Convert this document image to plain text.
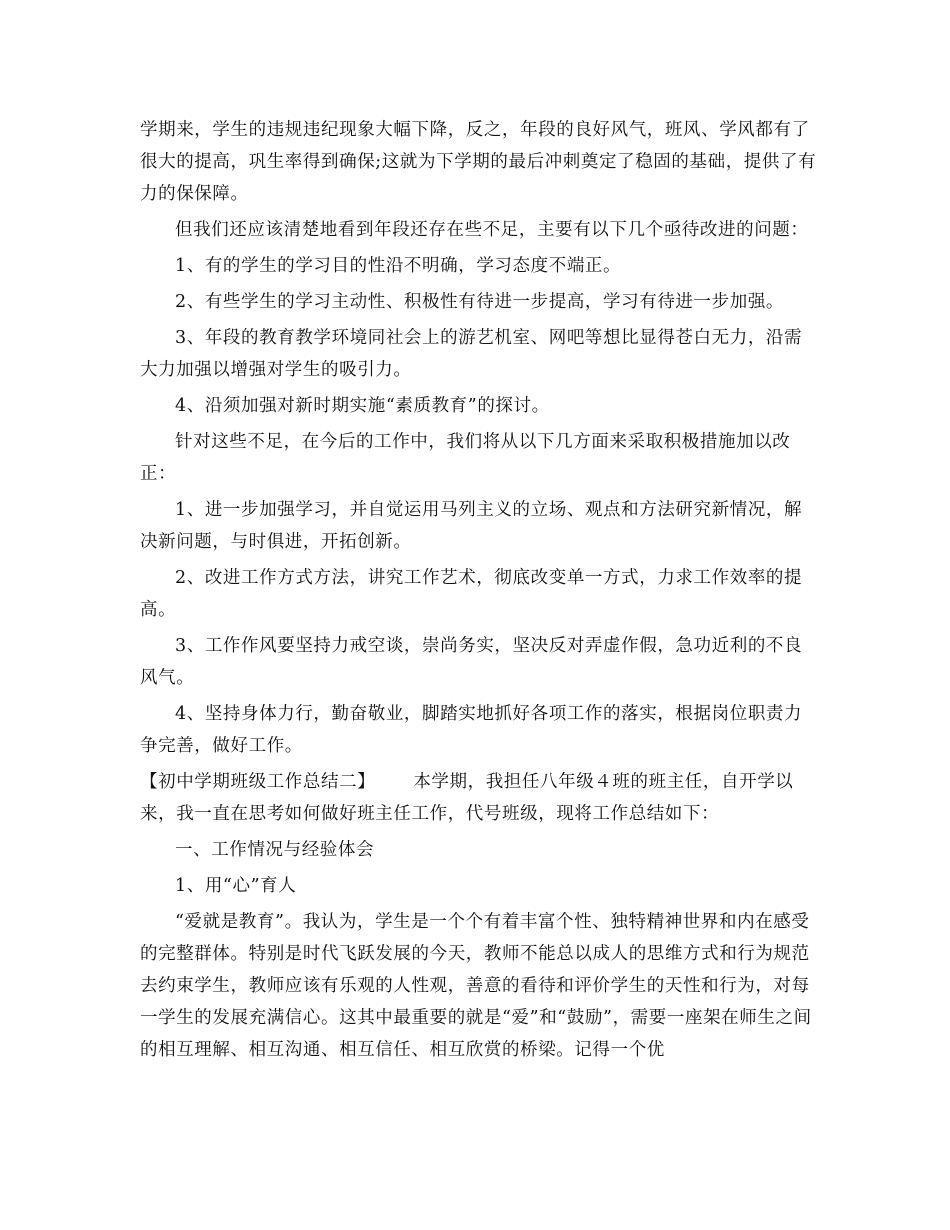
学期来，学生的违规违纪现象大幅下降，反之，年段的良好风气，班风、学风都有了很大的提高，巩生率得到确保;这就为下学期的最后冲刺奠定了稳固的基础，提供了有力的保保障。

但我们还应该清楚地看到年段还存在些不足，主要有以下几个亟待改进的问题：

1、有的学生的学习目的性沿不明确，学习态度不端正。

2、有些学生的学习主动性、积极性有待进一步提高，学习有待进一步加强。

3、年段的教育教学环境同社会上的游艺机室、网吧等想比显得苍白无力，沿需大力加强以增强对学生的吸引力。

4、沿须加强对新时期实施“素质教育”的探讨。

针对这些不足，在今后的工作中，我们将从以下几方面来采取积极措施加以改正：

1、进一步加强学习，并自觉运用马列主义的立场、观点和方法研究新情况，解决新问题，与时俱进，开拓创新。

2、改进工作方式方法，讲究工作艺术，彻底改变单一方式，力求工作效率的提高。

3、工作作风要坚持力戒空谈，崇尚务实，坚决反对弄虚作假，急功近利的不良风气。

4、坚持身体力行，勤奋敬业，脚踏实地抓好各项工作的落实，根据岗位职责力争完善，做好工作。

【初中学期班级工作总结二】 本学期，我担任八年级４班的班主任，自开学以来，我一直在思考如何做好班主任工作，代号班级，现将工作总结如下：

一、工作情况与经验体会

1、用“心”育人

“爱就是教育”。我认为，学生是一个个有着丰富个性、独特精神世界和内在感受的完整群体。特别是时代飞跃发展的今天，教师不能总以成人的思维方式和行为规范去约束学生，教师应该有乐观的人性观，善意的看待和评价学生的天性和行为，对每一学生的发展充满信心。这其中最重要的就是“爱”和“鼓励”，需要一座架在师生之间的相互理解、相互沟通、相互信任、相互欣赏的桥梁。记得一个优
